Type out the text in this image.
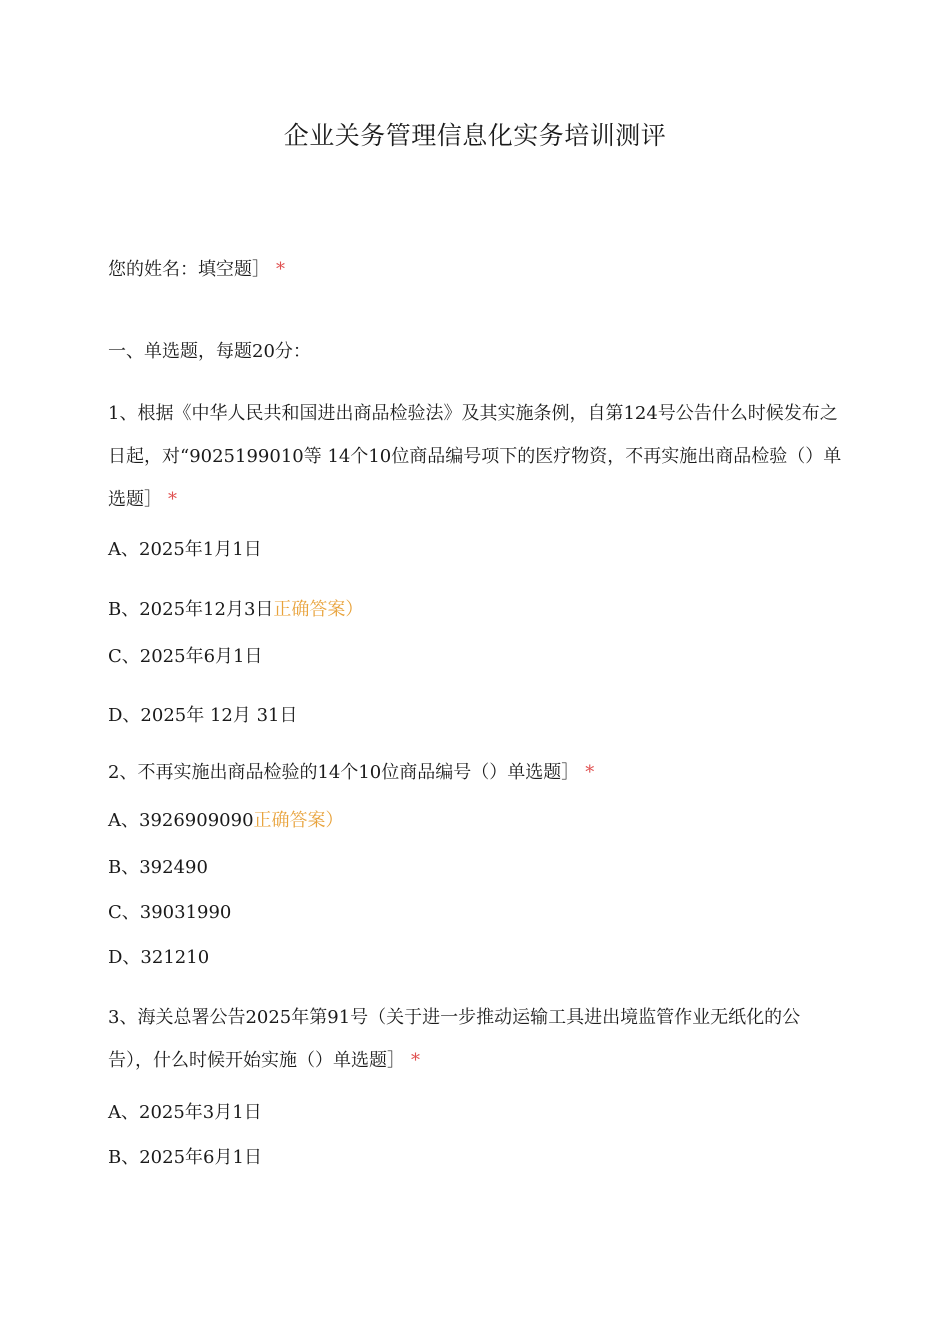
企业关务管理信息化实务培训测评
您的姓名：填空题］ *
一、单选题，每题20分：
1、根据《中华人民共和国进出商品检验法》及其实施条例，自第124号公告什么时候发布之日起，对“9025199010等 14个10位商品编号项下的医疗物资，不再实施出商品检验（）单选题］ *
A、2025年1月1日
B、2025年12月3日正确答案）
C、2025年6月1日
D、2025年 12月 31日
2、不再实施出商品检验的14个10位商品编号（）单选题］ *
A、3926909090正确答案）
B、392490
C、39031990
D、321210
3、海关总署公告2025年第91号（关于进一步推动运输工具进出境监管作业无纸化的公告），什么时候开始实施（）单选题］ *
A、2025年3月1日
B、2025年6月1日
